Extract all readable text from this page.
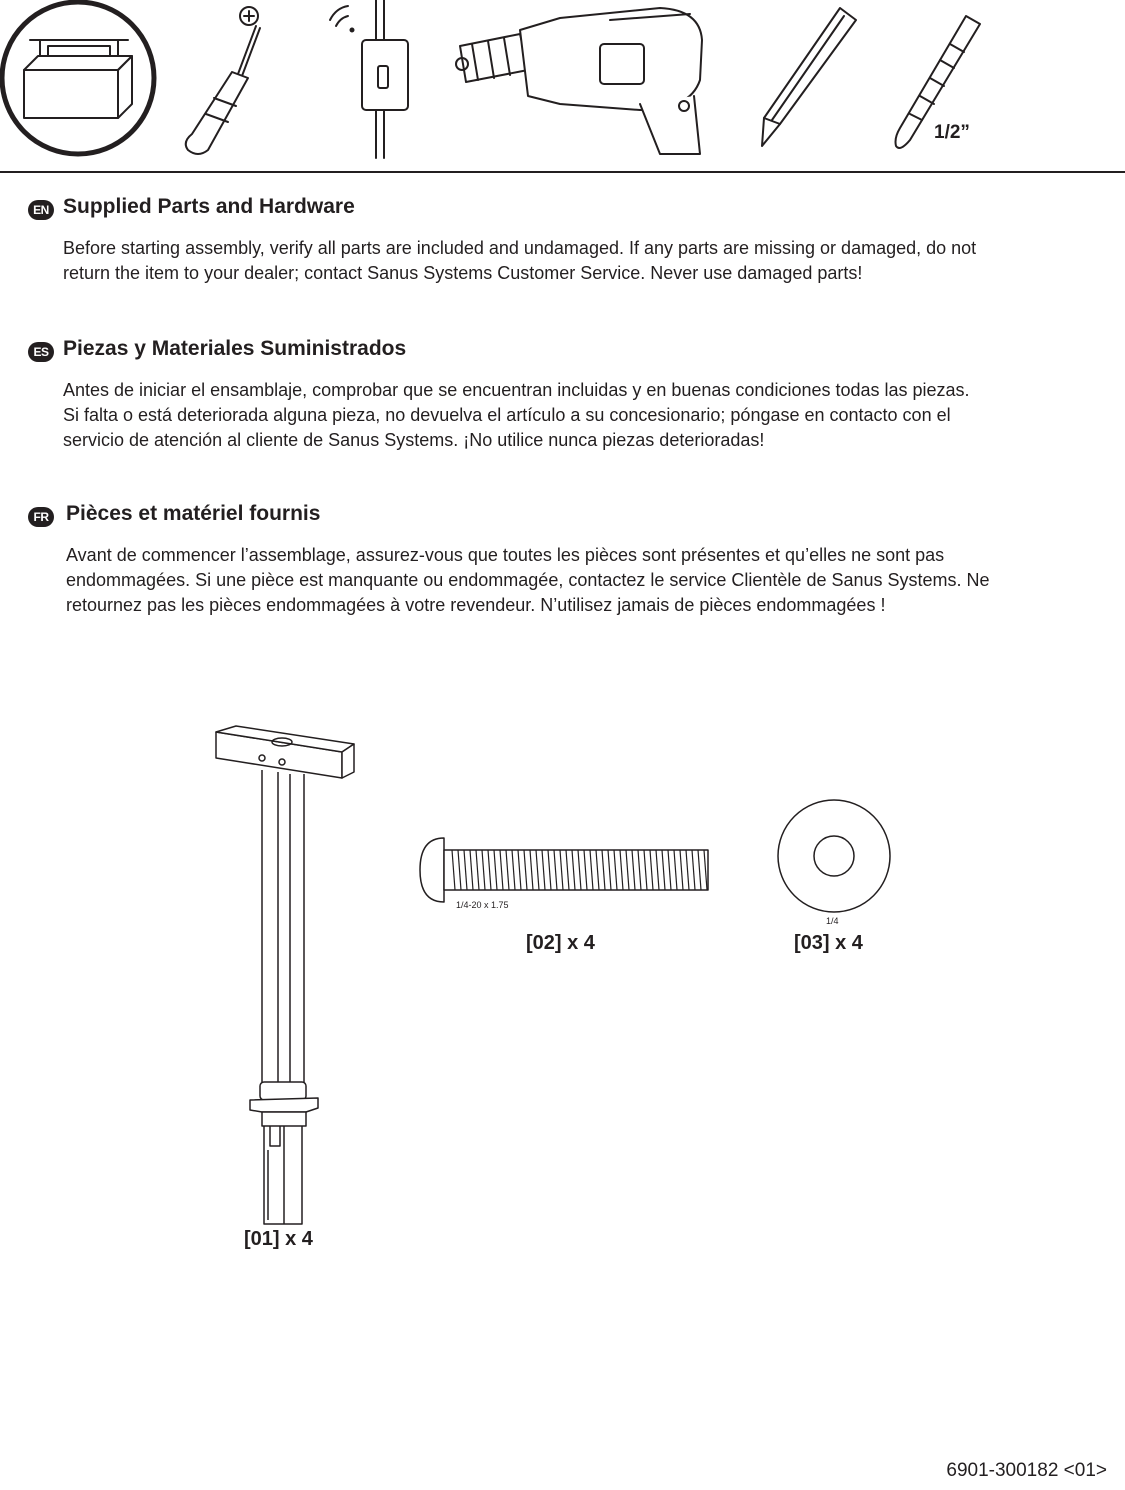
1/2”
EN Supplied Parts and Hardware

Before starting assembly, verify all parts are included and undamaged. If any parts are missing or damaged, do not
return the item to your dealer; contact Sanus Systems Customer Service. Never use damaged parts!

ES Piezas y Materiales Suministrados

Antes de iniciar el ensamblaje, comprobar que se encuentran incluidas y en buenas condiciones todas las piezas.
Si falta o está deteriorada alguna pieza, no devuelva el artículo a su concesionario; póngase en contacto con el
servicio de atención al cliente de Sanus Systems. ¡No utilice nunca piezas deterioradas!

FR Pièces et matériel fournis

Avant de commencer l’assemblage, assurez-vous que toutes les pièces sont présentes et qu’elles ne sont pas
endommagées. Si une pièce est manquante ou endommagée, contactez le service Clientèle de Sanus Systems. Ne
retournez pas les pièces endommagées à votre revendeur. N’utilisez jamais de pièces endommagées !

1/4-20 x 1.75
1/4
[01] x 4
[02] x 4	[03] x 4
6901-300182 <01>
